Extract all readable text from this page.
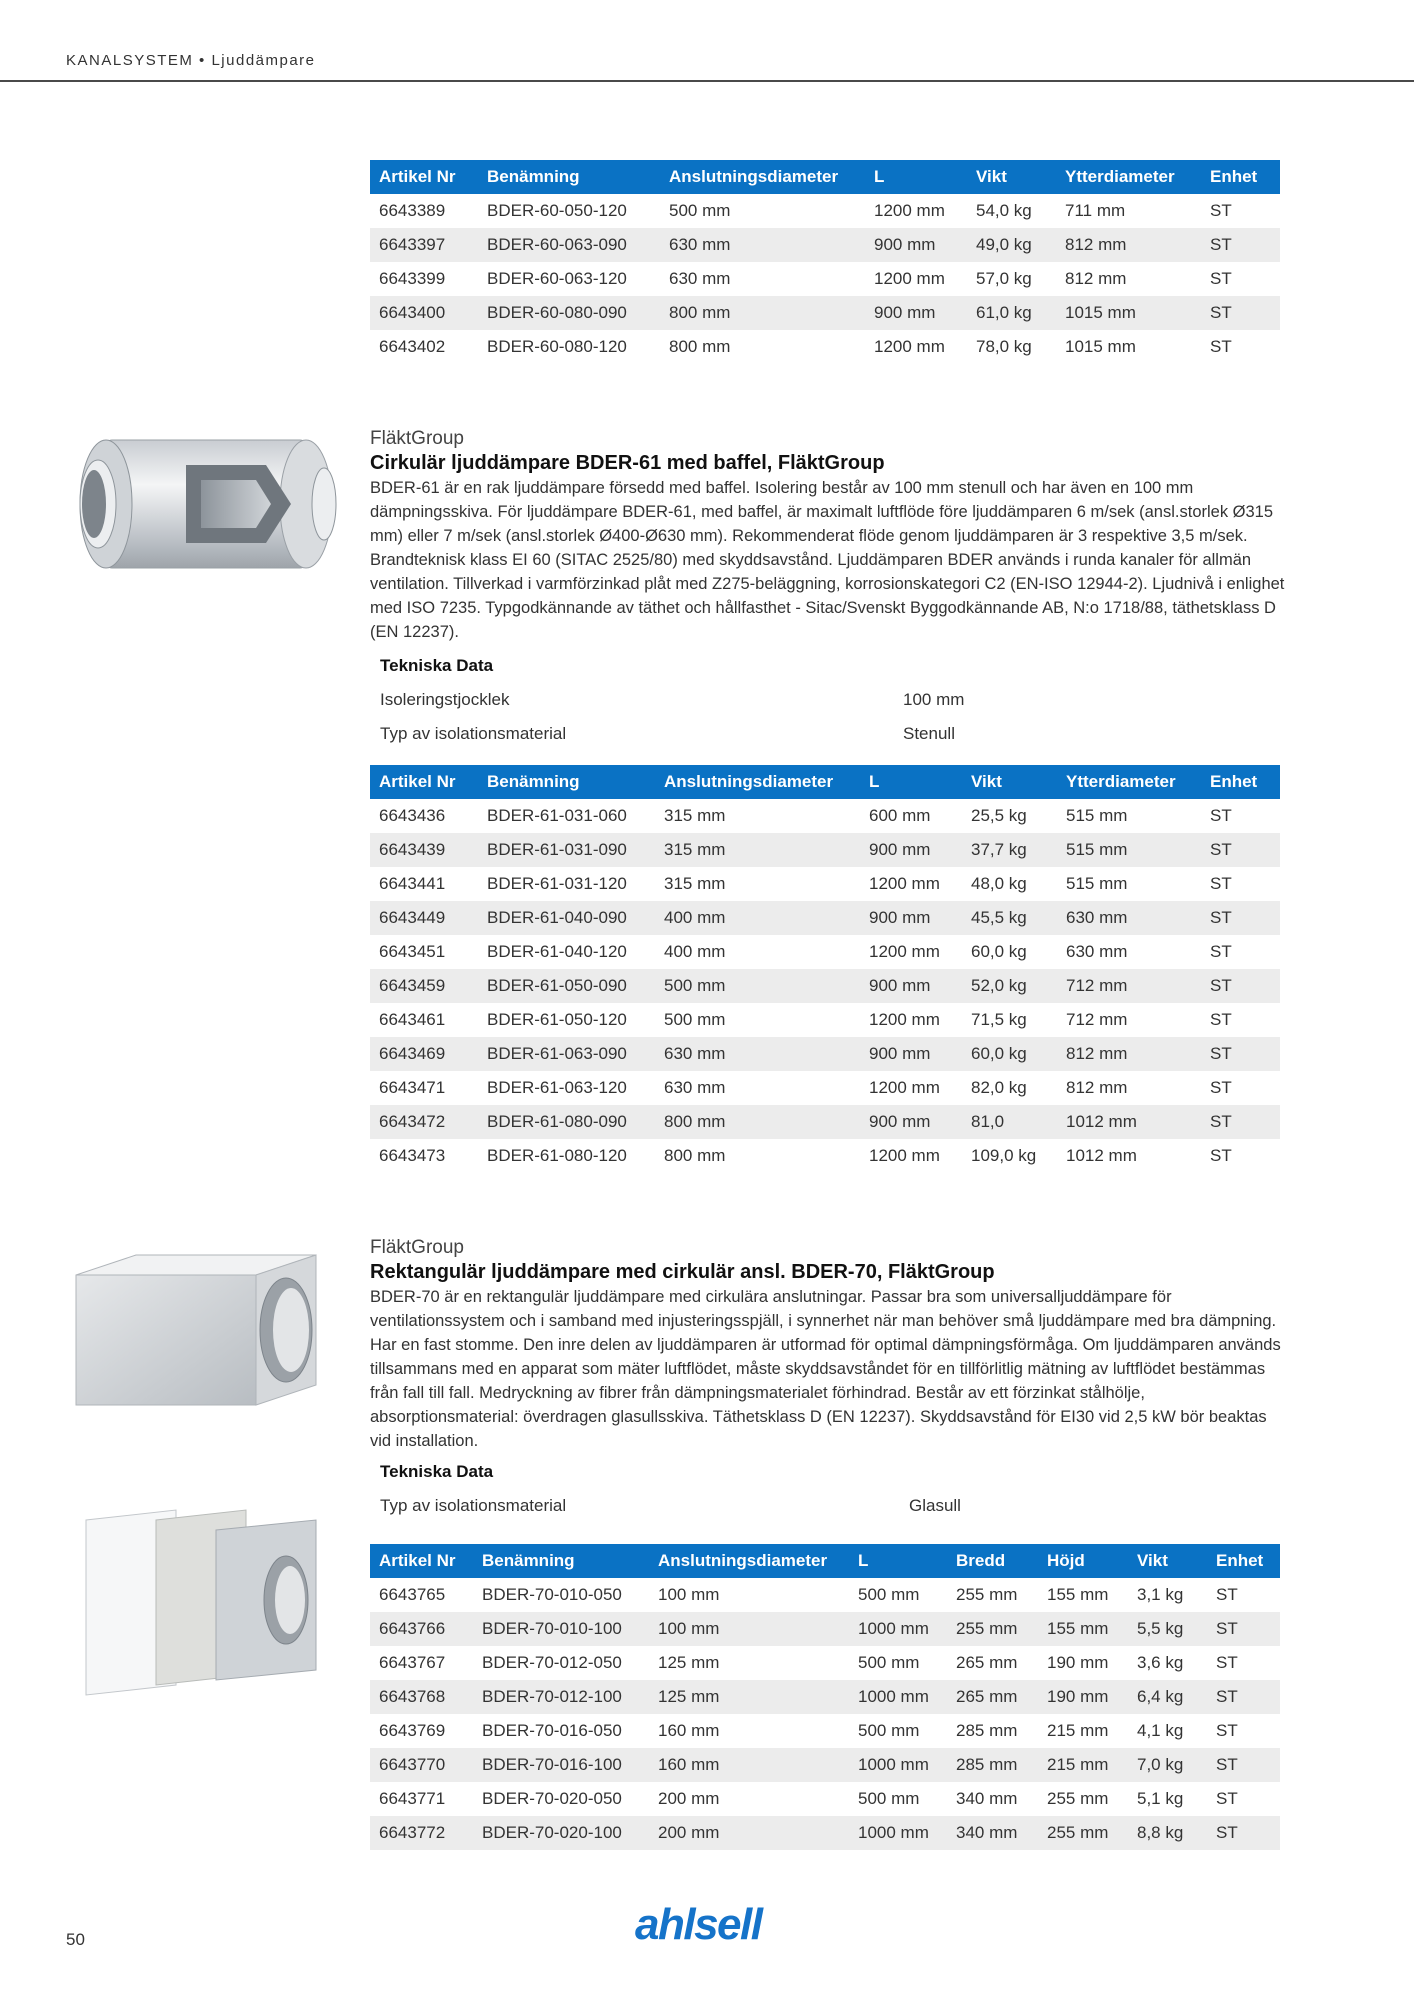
KANALSYSTEM • Ljuddämpare
Artikel Nr	Benämning	Anslutningsdiameter	L	Vikt	Ytterdiameter	Enhet
6643389	BDER-60-050-120	500 mm	1200 mm	54,0 kg	711 mm	ST
6643397	BDER-60-063-090	630 mm	900 mm	49,0 kg	812 mm	ST
6643399	BDER-60-063-120	630 mm	1200 mm	57,0 kg	812 mm	ST
6643400	BDER-60-080-090	800 mm	900 mm	61,0 kg	1015 mm	ST
6643402	BDER-60-080-120	800 mm	1200 mm	78,0 kg	1015 mm	ST
FläktGroup
Cirkulär ljuddämpare BDER-61 med baffel, FläktGroup

BDER-61 är en rak ljuddämpare försedd med baffel. Isolering består av 100 mm stenull och har även en 100 mm dämpningsskiva. För ljuddämpare BDER-61, med baffel, är maximalt luftflöde före ljuddämparen 6 m/sek (ansl.storlek Ø315 mm) eller 7 m/sek (ansl.storlek Ø400-Ø630 mm). Rekommenderat flöde genom ljuddämparen är 3 respektive 3,5 m/sek. Brandteknisk klass EI 60 (SITAC 2525/80) med skyddsavstånd. Ljuddämparen BDER används i runda kanaler för allmän ventilation. Tillverkad i varmförzinkad plåt med Z275-beläggning, korrosionskategori C2 (EN-ISO 12944-2). Ljudnivå i enlighet med ISO 7235. Typgodkännande av täthet och hållfasthet - Sitac/Svenskt Byggodkännande AB, N:o 1718/88, täthetsklass D (EN 12237).

Tekniska Data
Isoleringstjocklek	100 mm
Typ av isolationsmaterial	Stenull
Artikel Nr	Benämning	Anslutningsdiameter	L	Vikt	Ytterdiameter	Enhet
6643436	BDER-61-031-060	315 mm	600 mm	25,5 kg	515 mm	ST
6643439	BDER-61-031-090	315 mm	900 mm	37,7 kg	515 mm	ST
6643441	BDER-61-031-120	315 mm	1200 mm	48,0 kg	515 mm	ST
6643449	BDER-61-040-090	400 mm	900 mm	45,5 kg	630 mm	ST
6643451	BDER-61-040-120	400 mm	1200 mm	60,0 kg	630 mm	ST
6643459	BDER-61-050-090	500 mm	900 mm	52,0 kg	712 mm	ST
6643461	BDER-61-050-120	500 mm	1200 mm	71,5 kg	712 mm	ST
6643469	BDER-61-063-090	630 mm	900 mm	60,0 kg	812 mm	ST
6643471	BDER-61-063-120	630 mm	1200 mm	82,0 kg	812 mm	ST
6643472	BDER-61-080-090	800 mm	900 mm	81,0	1012 mm	ST
6643473	BDER-61-080-120	800 mm	1200 mm	109,0 kg	1012 mm	ST
FläktGroup
Rektangulär ljuddämpare med cirkulär ansl. BDER-70, FläktGroup

BDER-70 är en rektangulär ljuddämpare med cirkulära anslutningar. Passar bra som universalljuddämpare för ventilationssystem och i samband med injusteringsspjäll, i synnerhet när man behöver små ljuddämpare med bra dämpning. Har en fast stomme. Den inre delen av ljuddämparen är utformad för optimal dämpningsförmåga. Om ljuddämparen används tillsammans med en apparat som mäter luftflödet, måste skyddsavståndet för en tillförlitlig mätning av luftflödet bestämmas från fall till fall. Medryckning av fibrer från dämpningsmaterialet förhindrad. Består av ett förzinkat stålhölje, absorptionsmaterial: överdragen glasullsskiva. Täthetsklass D (EN 12237). Skyddsavstånd för EI30 vid 2,5 kW bör beaktas vid installation.

Tekniska Data
Typ av isolationsmaterial	Glasull
Artikel Nr	Benämning	Anslutningsdiameter	L	Bredd	Höjd	Vikt	Enhet
6643765	BDER-70-010-050	100 mm	500 mm	255 mm	155 mm	3,1 kg	ST
6643766	BDER-70-010-100	100 mm	1000 mm	255 mm	155 mm	5,5 kg	ST
6643767	BDER-70-012-050	125 mm	500 mm	265 mm	190 mm	3,6 kg	ST
6643768	BDER-70-012-100	125 mm	1000 mm	265 mm	190 mm	6,4 kg	ST
6643769	BDER-70-016-050	160 mm	500 mm	285 mm	215 mm	4,1 kg	ST
6643770	BDER-70-016-100	160 mm	1000 mm	285 mm	215 mm	7,0 kg	ST
6643771	BDER-70-020-050	200 mm	500 mm	340 mm	255 mm	5,1 kg	ST
6643772	BDER-70-020-100	200 mm	1000 mm	340 mm	255 mm	8,8 kg	ST
50	ahlsell
